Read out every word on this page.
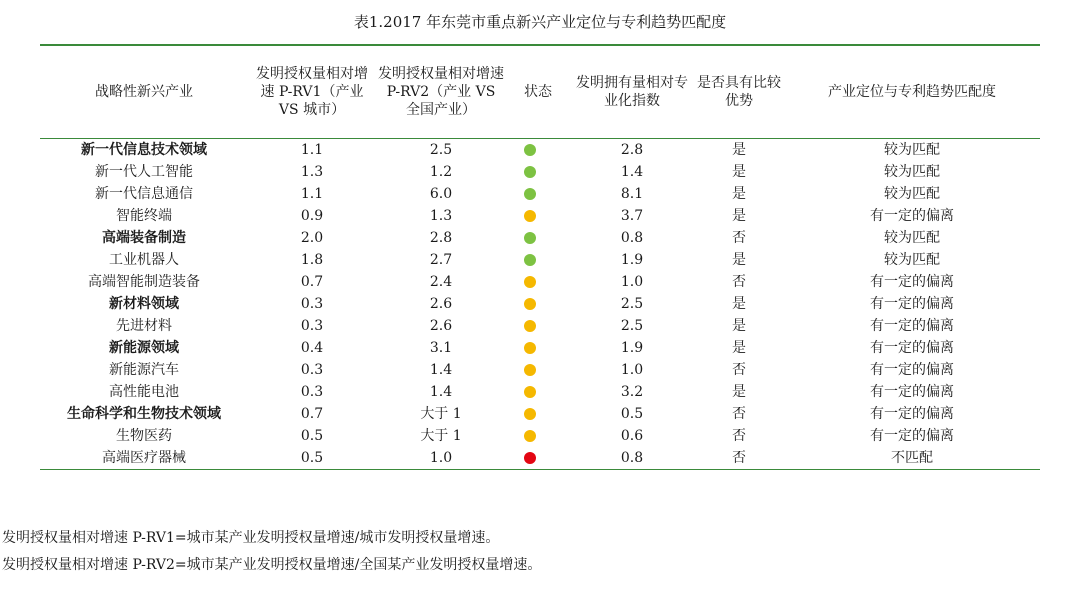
表1.2017 年东莞市重点新兴产业定位与专利趋势匹配度
战略性新兴产业	发明授权量相对增速 P-RV1（产业 VS 城市）	发明授权量相对增速 P-RV2（产业 VS 全国产业）	状态	发明拥有量相对专业化指数	是否具有比较优势	产业定位与专利趋势匹配度
新一代信息技术领域	1.1	2.5		2.8	是	较为匹配
新一代人工智能	1.3	1.2		1.4	是	较为匹配
新一代信息通信	1.1	6.0		8.1	是	较为匹配
智能终端	0.9	1.3		3.7	是	有一定的偏离
高端装备制造	2.0	2.8		0.8	否	较为匹配
工业机器人	1.8	2.7		1.9	是	较为匹配
高端智能制造装备	0.7	2.4		1.0	否	有一定的偏离
新材料领域	0.3	2.6		2.5	是	有一定的偏离
先进材料	0.3	2.6		2.5	是	有一定的偏离
新能源领域	0.4	3.1		1.9	是	有一定的偏离
新能源汽车	0.3	1.4		1.0	否	有一定的偏离
高性能电池	0.3	1.4		3.2	是	有一定的偏离
生命科学和生物技术领域	0.7	大于 1		0.5	否	有一定的偏离
生物医药	0.5	大于 1		0.6	否	有一定的偏离
高端医疗器械	0.5	1.0		0.8	否	不匹配
发明授权量相对增速 P-RV1=城市某产业发明授权量增速/城市发明授权量增速。
发明授权量相对增速 P-RV2=城市某产业发明授权量增速/全国某产业发明授权量增速。
